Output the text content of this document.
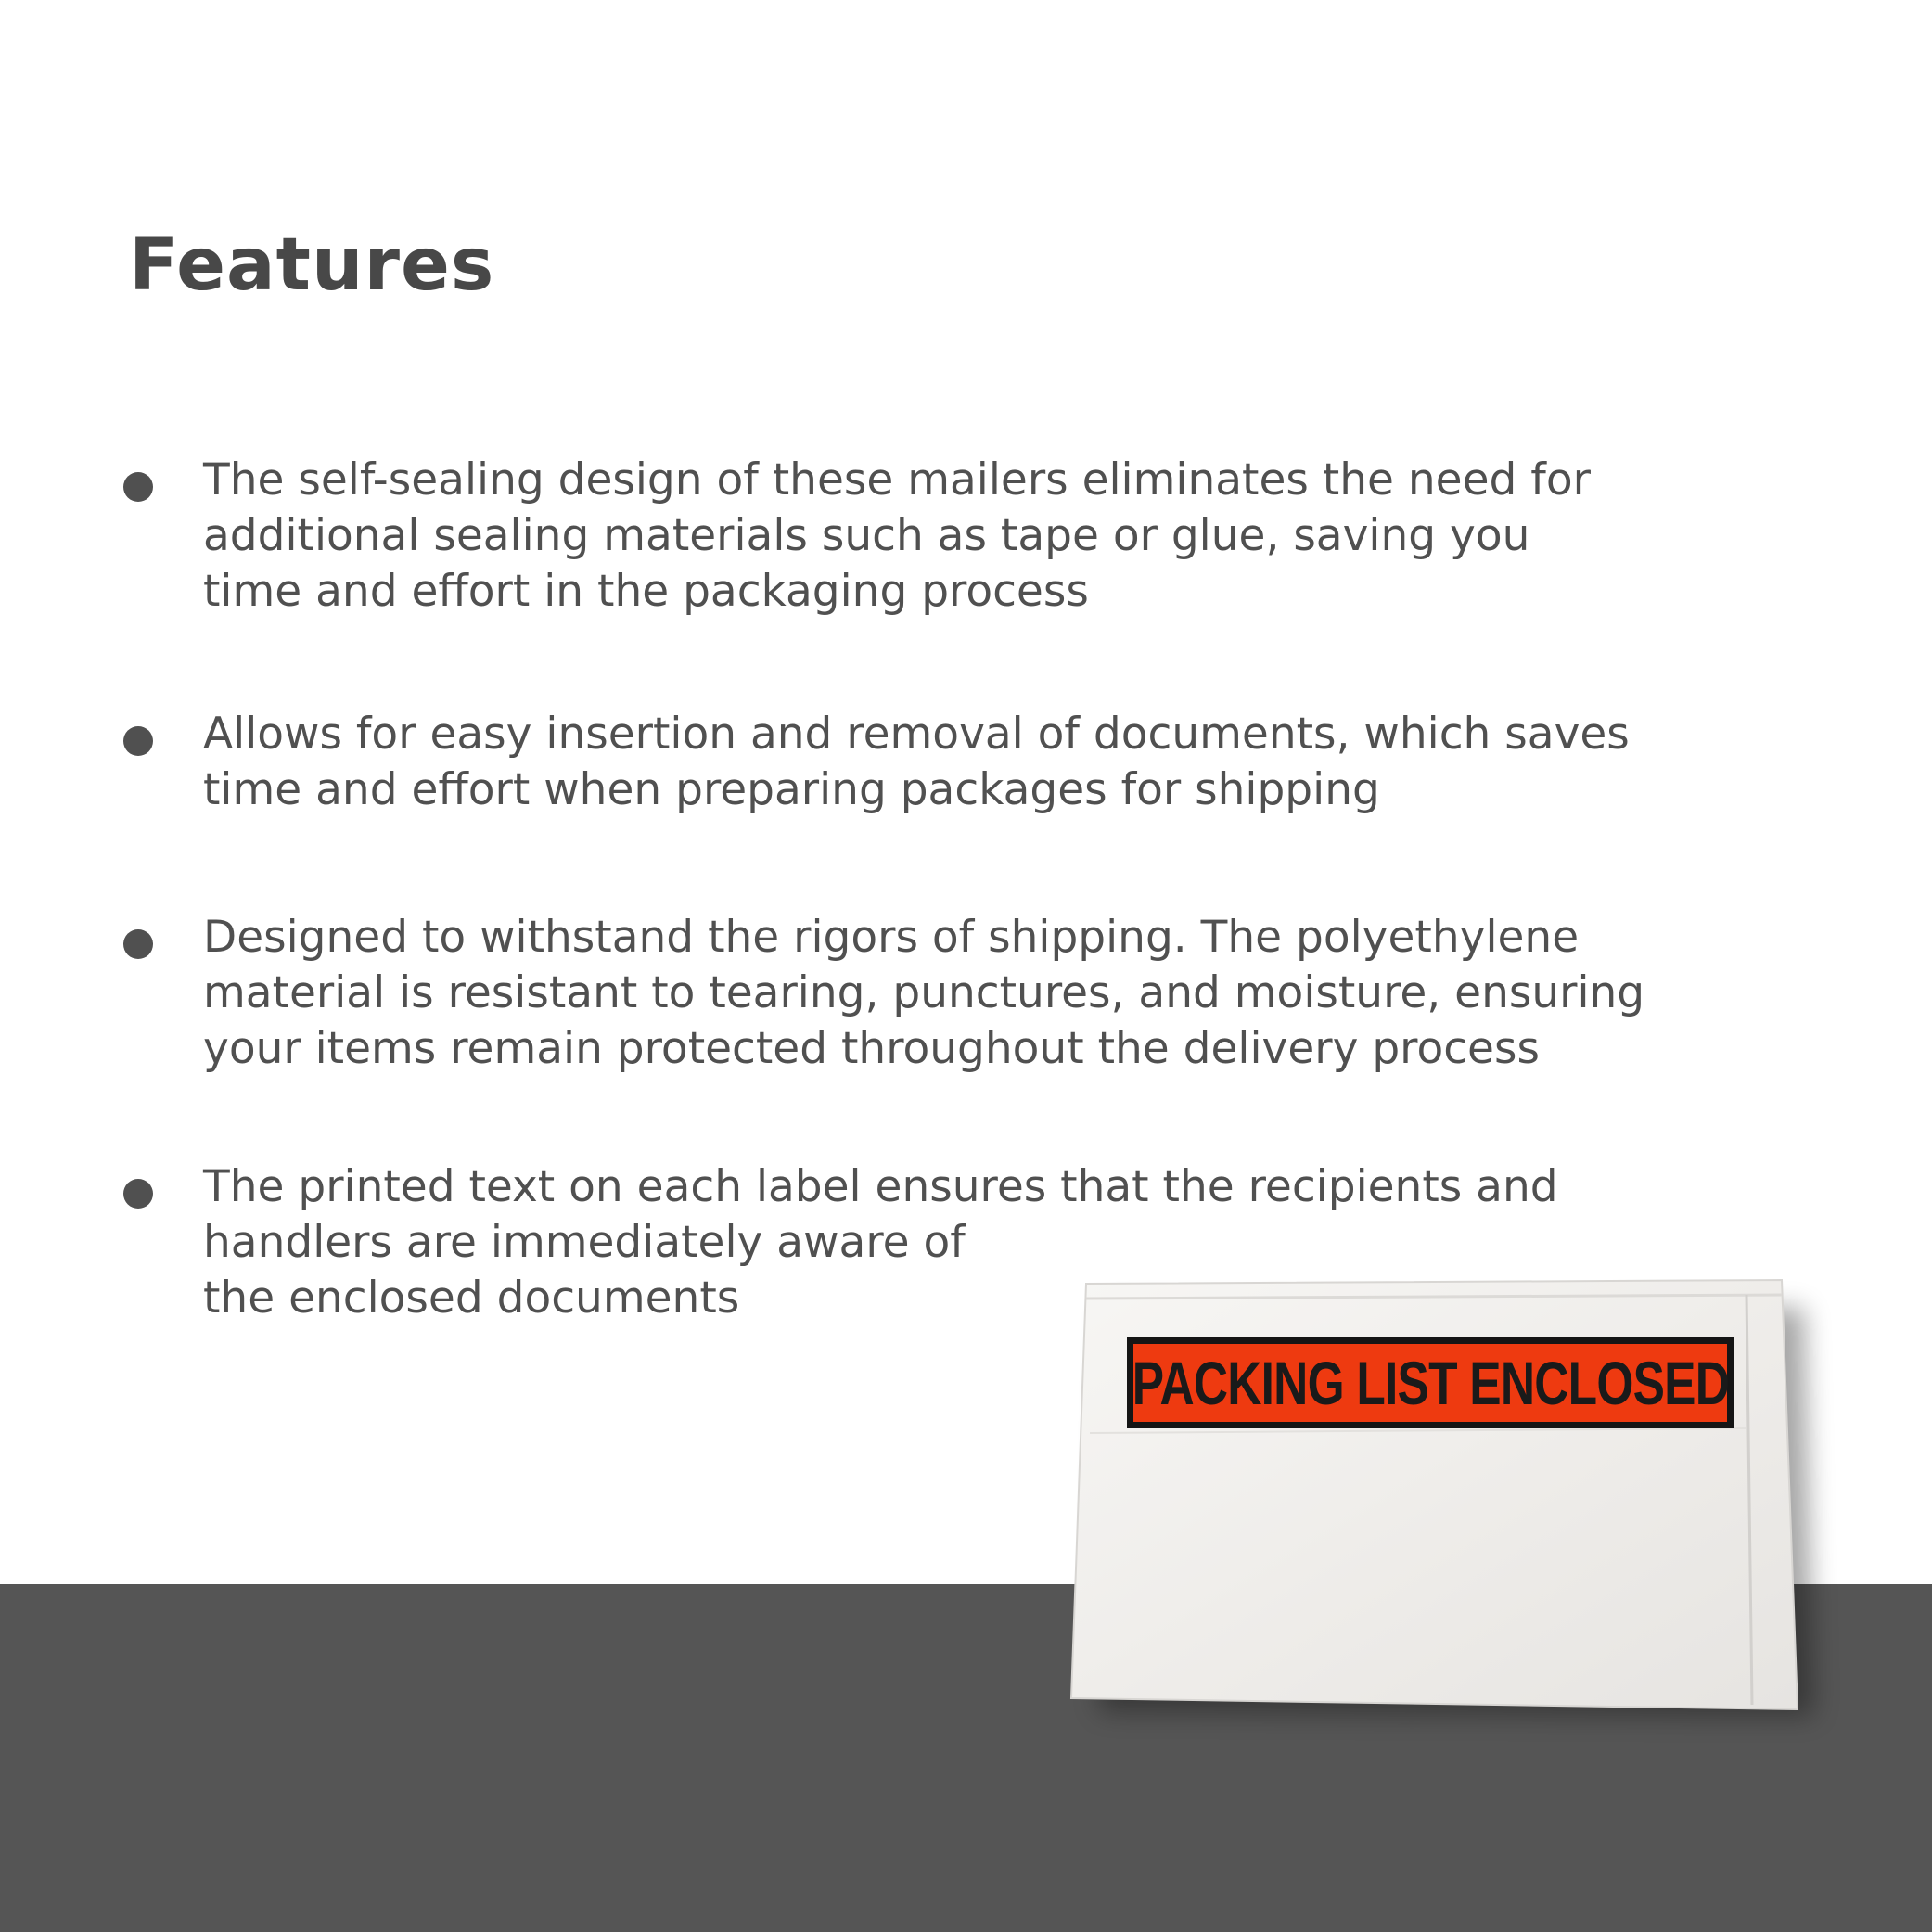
Features

The self-sealing design of these mailers eliminates the need for
additional sealing materials such as tape or glue, saving you
time and effort in the packaging process

Allows for easy insertion and removal of documents, which saves
time and effort when preparing packages for shipping

Designed to withstand the rigors of shipping. The polyethylene
material is resistant to tearing, punctures, and moisture, ensuring
your items remain protected throughout the delivery process

The printed text on each label ensures that the recipients and
handlers are immediately aware of
the enclosed documents

PACKING LIST ENCLOSED
